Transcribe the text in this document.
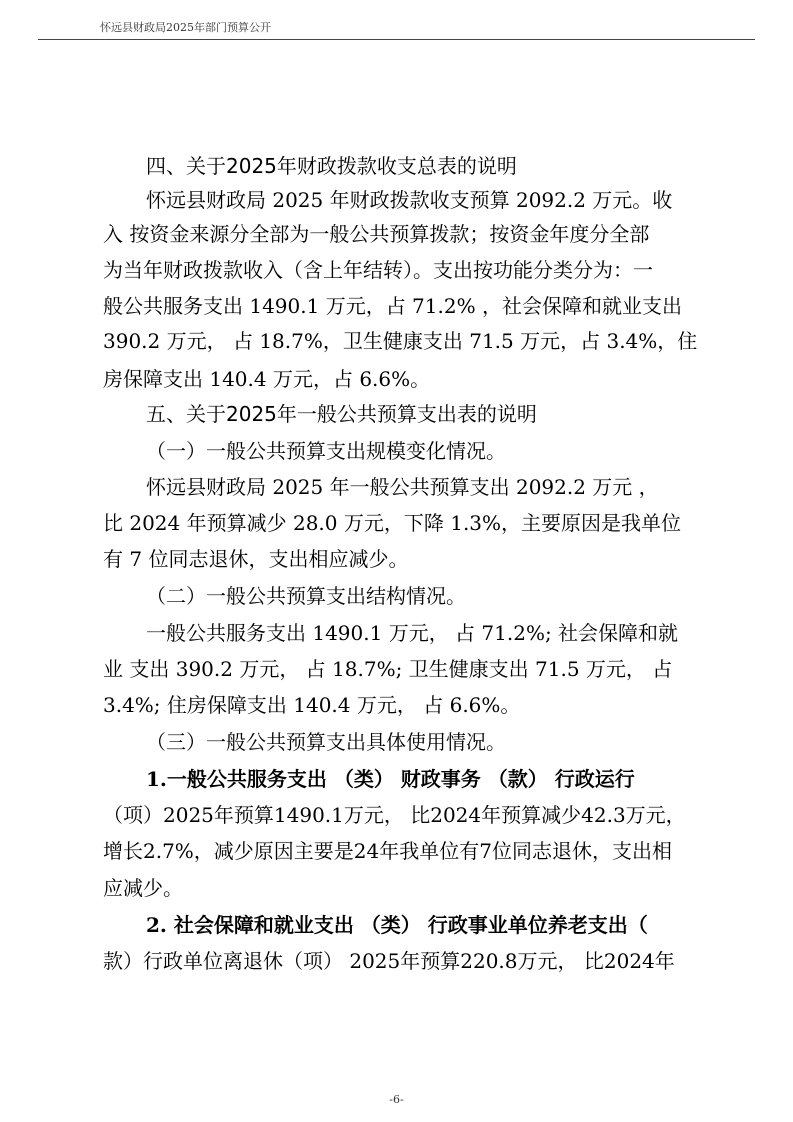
怀远县财政局2025年部门预算公开
四、关于2025年财政拨款收支总表的说明
怀远县财政局 2025 年财政拨款收支预算 2092.2 万元。收
入 按资金来源分全部为一般公共预算拨款；按资金年度分全部
为当年财政拨款收入（含上年结转）。支出按功能分类分为：一
般公共服务支出 1490.1 万元，占 71.2% ，社会保障和就业支出
390.2 万元， 占 18.7%，卫生健康支出 71.5 万元，占 3.4%，住
房保障支出 140.4 万元，占 6.6%。
五、关于2025年一般公共预算支出表的说明
（一）一般公共预算支出规模变化情况。
怀远县财政局 2025 年一般公共预算支出 2092.2 万元 ，
比 2024 年预算减少 28.0 万元，下降 1.3%，主要原因是我单位
有 7 位同志退休，支出相应减少。
（二）一般公共预算支出结构情况。
一般公共服务支出 1490.1 万元， 占 71.2%; 社会保障和就
业 支出 390.2 万元， 占 18.7%; 卫生健康支出 71.5 万元， 占
3.4%; 住房保障支出 140.4 万元， 占 6.6%。
（三）一般公共预算支出具体使用情况。
1.一般公共服务支出 （类） 财政事务 （款） 行政运行
（项）2025年预算1490.1万元， 比2024年预算减少42.3万元，
增长2.7%，减少原因主要是24年我单位有7位同志退休，支出相
应减少。
2. 社会保障和就业支出 （类） 行政事业单位养老支出（
款）行政单位离退休（项） 2025年预算220.8万元， 比2024年
-6-
